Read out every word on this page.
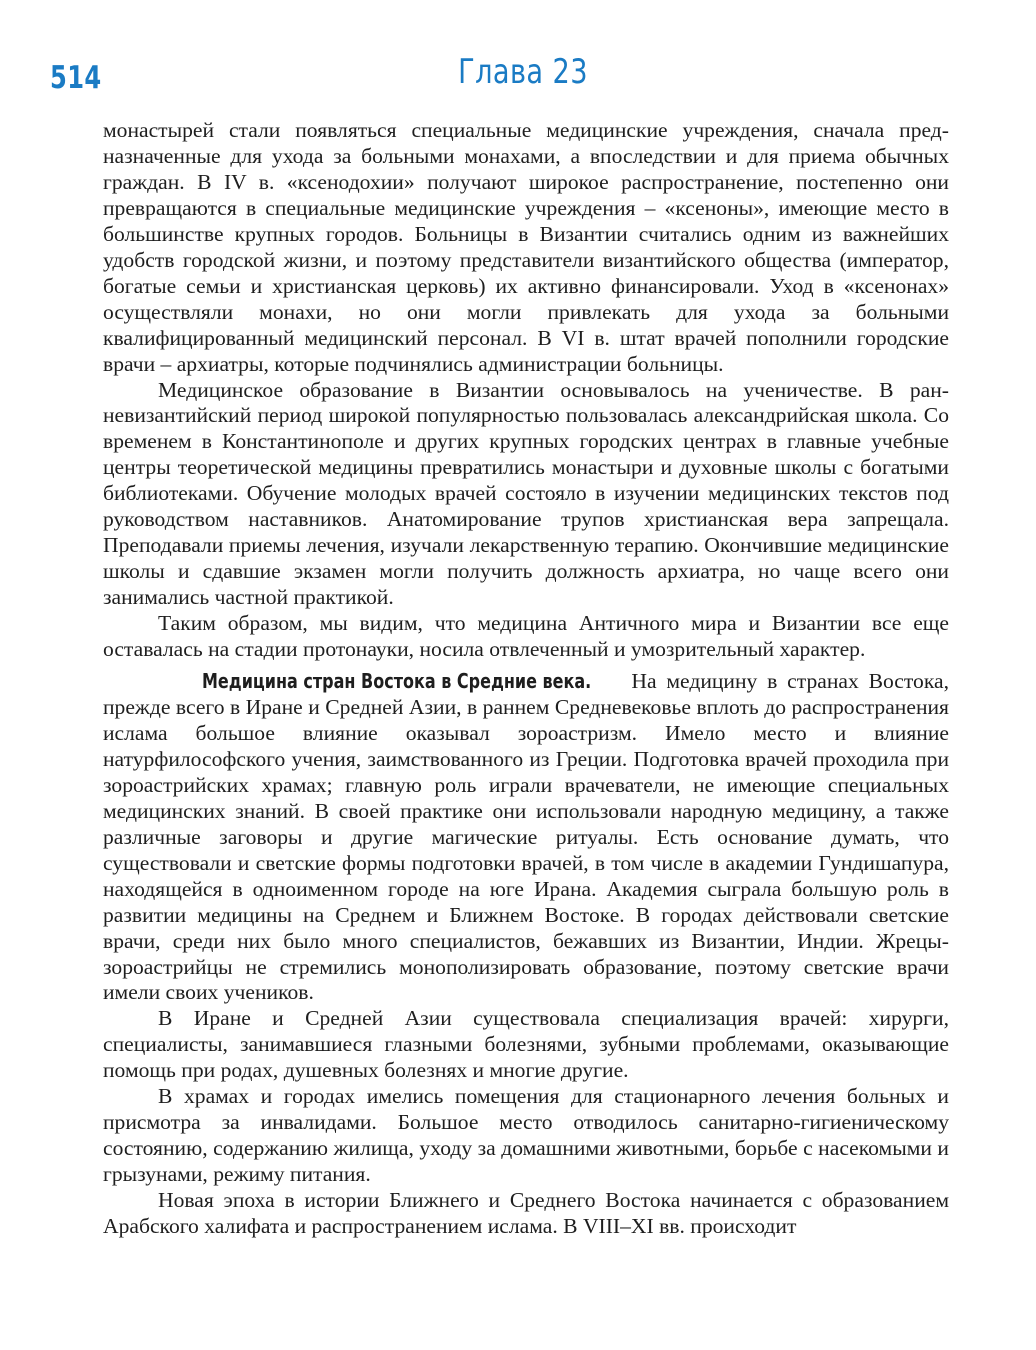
514	Глава 23

монастырей стали появляться специальные медицинские учреждения, сначала предназначенные для ухода за больными монахами, а впоследствии и для приема обычных граждан. В IV в. «ксенодохии» получают широкое распространение, постепенно они превращаются в специальные медицинские учреждения – «ксеноны», имеющие место в большинстве крупных городов. Больницы в Византии считались одним из важнейших удобств городской жизни, и поэтому представители византийского общества (император, богатые семьи и христианская церковь) их активно финансировали. Уход в «ксенонах» осуществляли монахи, но они могли привлекать для ухода за больными квалифицированный медицинский персонал. В VI в. штат врачей пополнили городские врачи – архиатры, которые подчинялись администрации больницы.

Медицинское образование в Византии основывалось на ученичестве. В ранневизантийский период широкой популярностью пользовалась александрийская школа. Со временем в Константинополе и других крупных городских центрах в главные учебные центры теоретической медицины превратились монастыри и духовные школы с богатыми библиотеками. Обучение молодых врачей состояло в изучении медицинских текстов под руководством наставников. Анатомирование трупов христианская вера запрещала. Преподавали приемы лечения, изучали лекарственную терапию. Окончившие медицинские школы и сдавшие экзамен могли получить должность архиатра, но чаще всего они занимались частной практикой.

Таким образом, мы видим, что медицина Античного мира и Византии все еще оставалась на стадии протонауки, носила отвлеченный и умозрительный характер.

Медицина стран Востока в Средние века. На медицину в странах Востока, прежде всего в Иране и Средней Азии, в раннем Средневековье вплоть до распространения ислама большое влияние оказывал зороастризм. Имело место и влияние натурфилософского учения, заимствованного из Греции. Подготовка врачей проходила при зороастрийских храмах; главную роль играли врачеватели, не имеющие специальных медицинских знаний. В своей практике они использовали народную медицину, а также различные заговоры и другие магические ритуалы. Есть основание думать, что существовали и светские формы подготовки врачей, в том числе в академии Гундишапура, находящейся в одноименном городе на юге Ирана. Академия сыграла большую роль в развитии медицины на Среднем и Ближнем Востоке. В городах действовали светские врачи, среди них было много специалистов, бежавших из Византии, Индии. Жрецы-зороастрийцы не стремились монополизировать образование, поэтому светские врачи имели своих учеников.

В Иране и Средней Азии существовала специализация врачей: хирурги, специалисты, занимавшиеся глазными болезнями, зубными проблемами, оказывающие помощь при родах, душевных болезнях и многие другие.

В храмах и городах имелись помещения для стационарного лечения больных и присмотра за инвалидами. Большое место отводилось санитарно-гигиеническому состоянию, содержанию жилища, уходу за домашними животными, борьбе с насекомыми и грызунами, режиму питания.

Новая эпоха в истории Ближнего и Среднего Востока начинается с образованием Арабского халифата и распространением ислама. В VIII–XI вв. происходит
